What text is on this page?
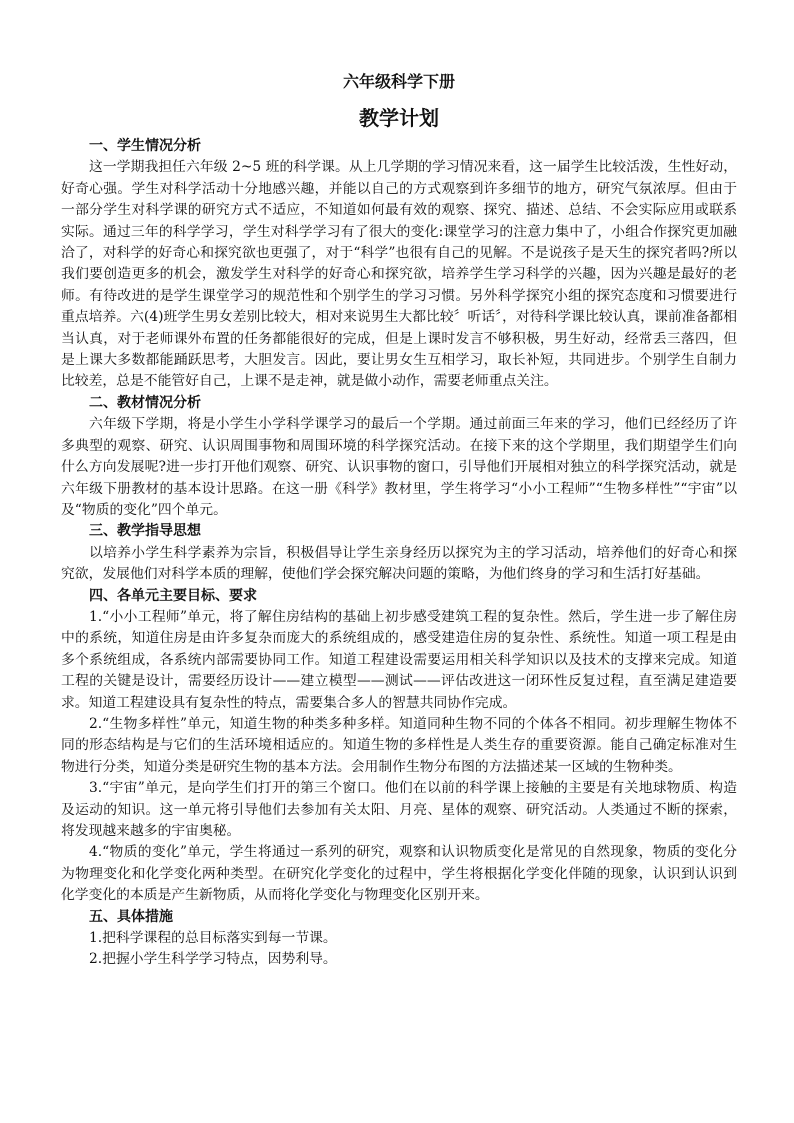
六年级科学下册
教学计划
一、学生情况分析

这一学期我担任六年级 2~5 班的科学课。从上几学期的学习情况来看，这一届学生比较活泼，生性好动，好奇心强。学生对科学活动十分地感兴趣，并能以自己的方式观察到许多细节的地方，研究气氛浓厚。但由于一部分学生对科学课的研究方式不适应，不知道如何最有效的观察、探究、描述、总结、不会实际应用或联系实际。通过三年的科学学习，学生对科学学习有了很大的变化:课堂学习的注意力集中了，小组合作探究更加融洽了，对科学的好奇心和探究欲也更强了，对于“科学”也很有自己的见解。不是说孩子是天生的探究者吗?所以我们要创造更多的机会，激发学生对科学的好奇心和探究欲，培养学生学习科学的兴趣，因为兴趣是最好的老师。有待改进的是学生课堂学习的规范性和个别学生的学习习惯。另外科学探究小组的探究态度和习惯要进行重点培养。六(4)班学生男女差别比较大，相对来说男生大都比较〞听话〞，对待科学课比较认真，课前准备都相当认真，对于老师课外布置的任务都能很好的完成，但是上课时发言不够积极，男生好动，经常丢三落四，但是上课大多数都能踊跃思考，大胆发言。因此，要让男女生互相学习，取长补短，共同进步。个别学生自制力比较差，总是不能管好自己，上课不是走神，就是做小动作，需要老师重点关注。

二、教材情况分析

六年级下学期，将是小学生小学科学课学习的最后一个学期。通过前面三年来的学习，他们已经经历了许多典型的观察、研究、认识周围事物和周围环境的科学探究活动。在接下来的这个学期里，我们期望学生们向什么方向发展呢?进一步打开他们观察、研究、认识事物的窗口，引导他们开展相对独立的科学探究活动，就是六年级下册教材的基本设计思路。在这一册《科学》教材里，学生将学习“小小工程师”“生物多样性”“宇宙”以及“物质的变化”四个单元。

三、教学指导思想

以培养小学生科学素养为宗旨，积极倡导让学生亲身经历以探究为主的学习活动，培养他们的好奇心和探究欲，发展他们对科学本质的理解，使他们学会探究解决问题的策略，为他们终身的学习和生活打好基础。

四、各单元主要目标、要求

1.“小小工程师”单元，将了解住房结构的基础上初步感受建筑工程的复杂性。然后，学生进一步了解住房中的系统，知道住房是由许多复杂而庞大的系统组成的，感受建造住房的复杂性、系统性。知道一项工程是由多个系统组成，各系统内部需要协同工作。知道工程建设需要运用相关科学知识以及技术的支撑来完成。知道工程的关键是设计，需要经历设计——建立模型——测试——评估改进这一闭环性反复过程，直至满足建造要求。知道工程建设具有复杂性的特点，需要集合多人的智慧共同协作完成。

2.“生物多样性”单元，知道生物的种类多种多样。知道同种生物不同的个体各不相同。初步理解生物体不同的形态结构是与它们的生活环境相适应的。知道生物的多样性是人类生存的重要资源。能自己确定标准对生物进行分类，知道分类是研究生物的基本方法。会用制作生物分布图的方法描述某一区域的生物种类。

3.“宇宙”单元，是向学生们打开的第三个窗口。他们在以前的科学课上接触的主要是有关地球物质、构造及运动的知识。这一单元将引导他们去参加有关太阳、月亮、星体的观察、研究活动。人类通过不断的探索，将发现越来越多的宇宙奥秘。

4.“物质的变化”单元，学生将通过一系列的研究，观察和认识物质变化是常见的自然现象，物质的变化分为物理变化和化学变化两种类型。在研究化学变化的过程中，学生将根据化学变化伴随的现象，认识到认识到化学变化的本质是产生新物质，从而将化学变化与物理变化区别开来。

五、具体措施

1.把科学课程的总目标落实到每一节课。

2.把握小学生科学学习特点，因势利导。
